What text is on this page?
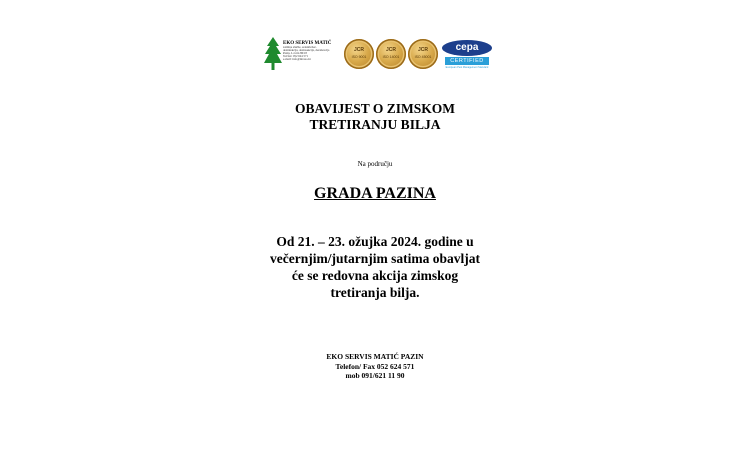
EKO SERVIS MATIĆ
zaštitne službe, zelenih/dez.
dezinfekcija, dezinsekcija, deratizacija
Pazin, Lovrin 86/18
Tel/fax: 052 624 571
e-mail: info@mvaso.hr
JCR
ISO 9001
JCR
ISO 14001
JCR
ISO 45001
cepa
CERTIFIED
European Pest Management Standard
OBAVIJEST O ZIMSKOM
TRETIRANJU BILJA
Na području
GRADA PAZINA
Od 21. – 23. ožujka 2024. godine u
večernjim/jutarnjim satima obavljat
će se redovna akcija zimskog
tretiranja bilja.
EKO SERVIS MATIĆ PAZIN
Telefon/ Fax 052 624 571
mob 091/621 11 90
